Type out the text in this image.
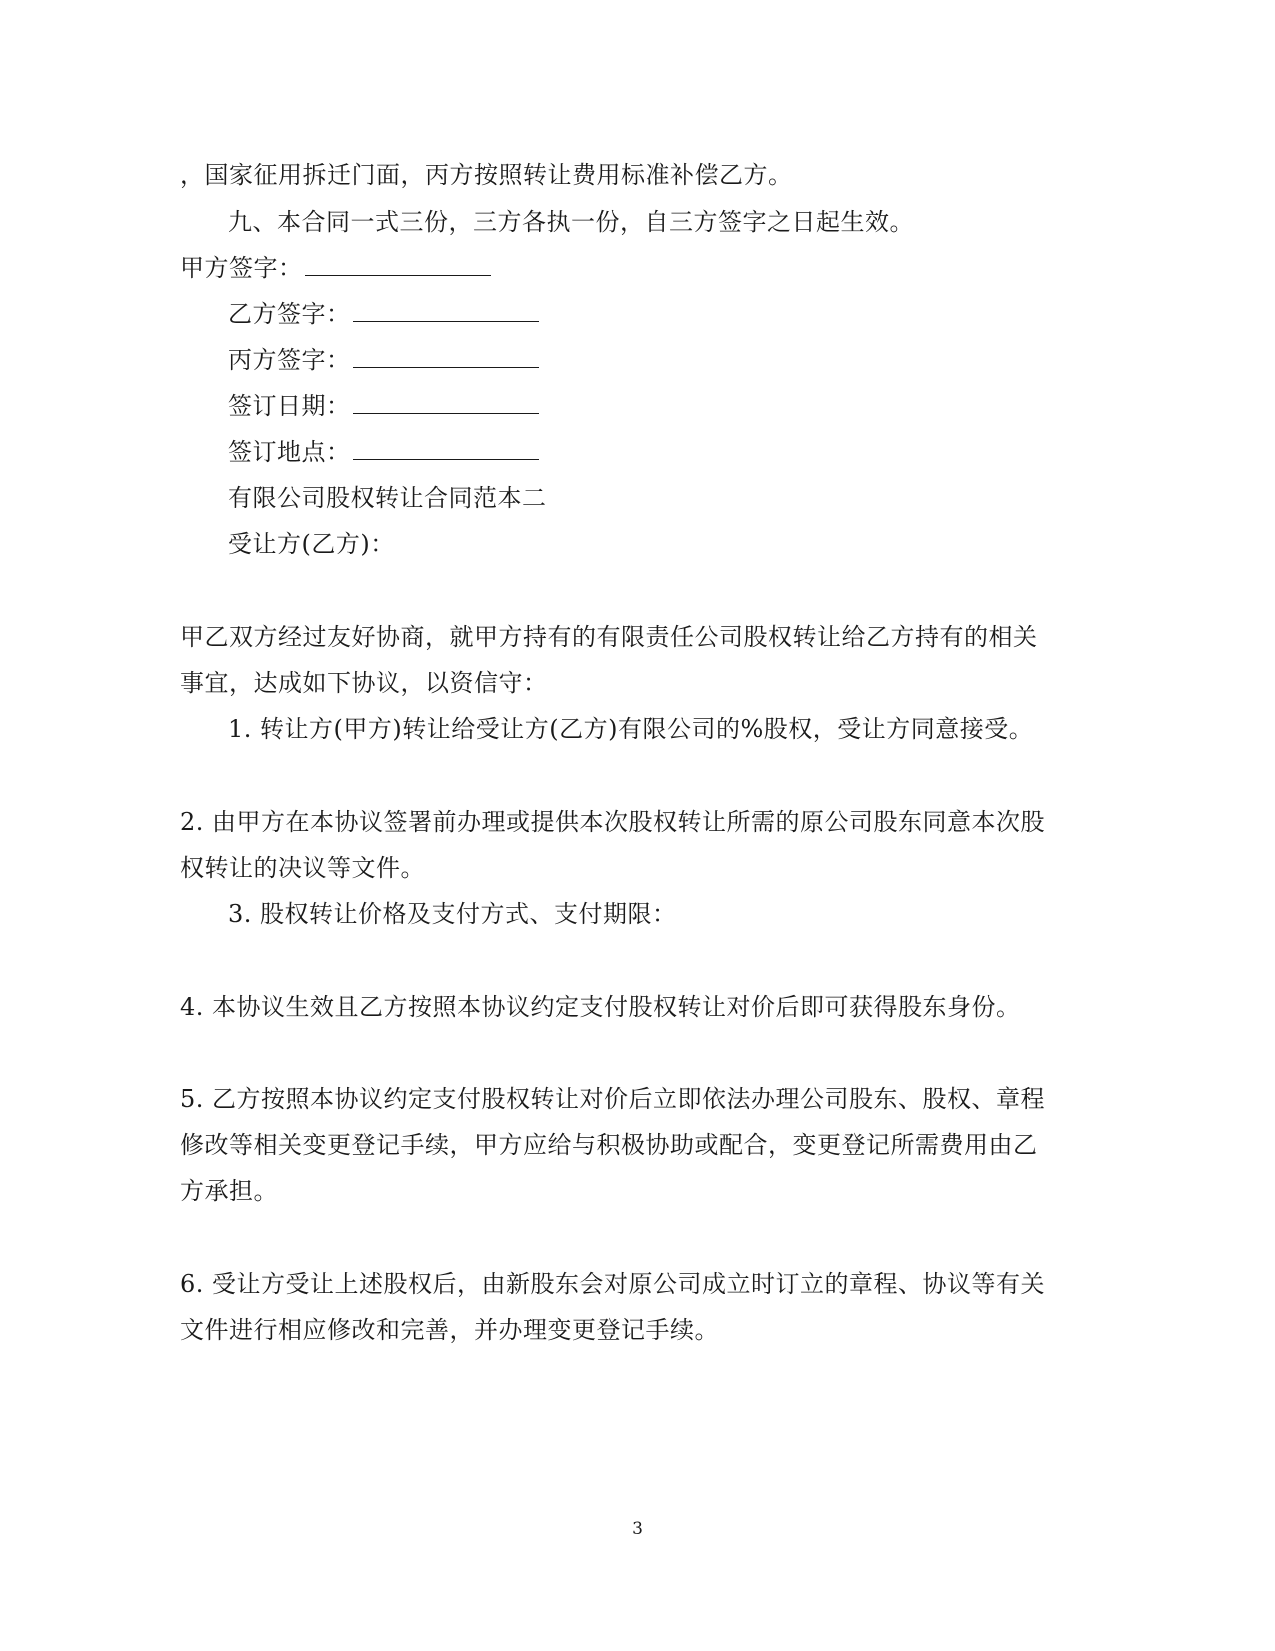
，国家征用拆迁门面，丙方按照转让费用标准补偿乙方。
九、本合同一式三份，三方各执一份，自三方签字之日起生效。
甲方签字：
乙方签字：
丙方签字：
签订日期：
签订地点：
有限公司股权转让合同范本二
受让方(乙方)：
甲乙双方经过友好协商，就甲方持有的有限责任公司股权转让给乙方持有的相关
事宜，达成如下协议，以资信守：
1. 转让方(甲方)转让给受让方(乙方)有限公司的%股权，受让方同意接受。
2. 由甲方在本协议签署前办理或提供本次股权转让所需的原公司股东同意本次股
权转让的决议等文件。
3. 股权转让价格及支付方式、支付期限：
4. 本协议生效且乙方按照本协议约定支付股权转让对价后即可获得股东身份。
5. 乙方按照本协议约定支付股权转让对价后立即依法办理公司股东、股权、章程
修改等相关变更登记手续，甲方应给与积极协助或配合，变更登记所需费用由乙
方承担。
6. 受让方受让上述股权后，由新股东会对原公司成立时订立的章程、协议等有关
文件进行相应修改和完善，并办理变更登记手续。
3
